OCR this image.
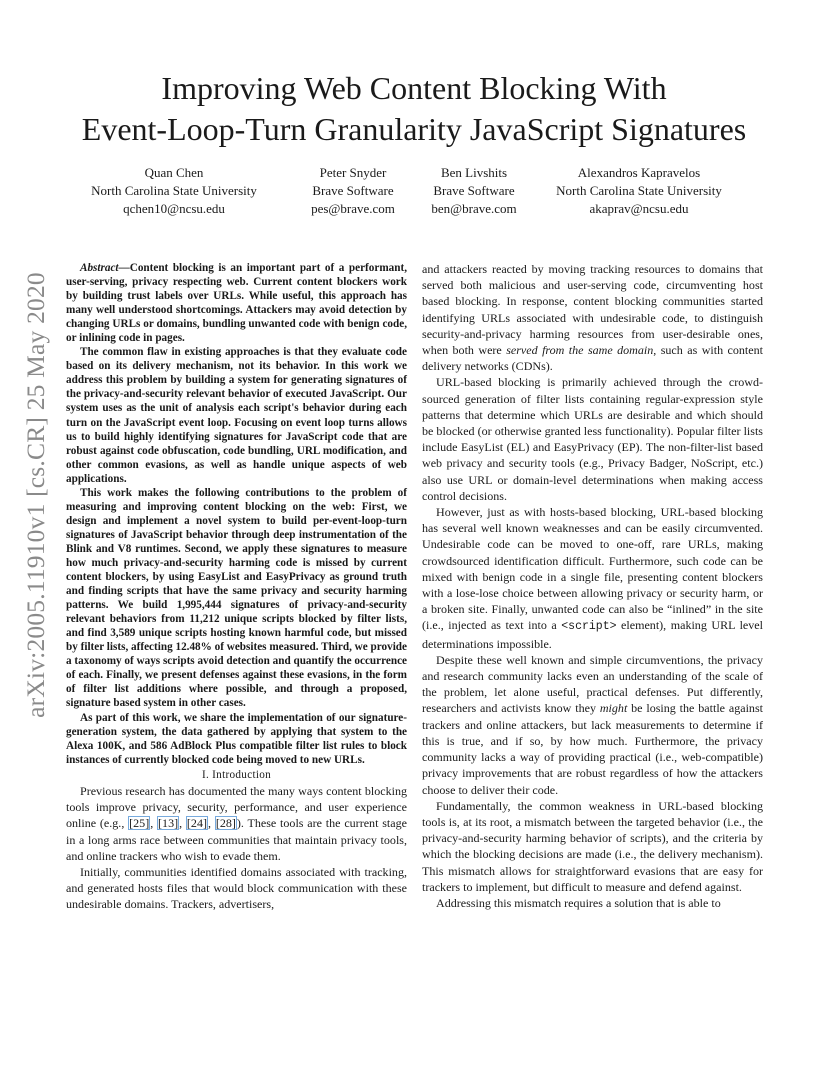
arXiv:2005.11910v1 [cs.CR] 25 May 2020
Improving Web Content Blocking With
Event-Loop-Turn Granularity JavaScript Signatures
Quan Chen
North Carolina State University
qchen10@ncsu.edu
Peter Snyder
Brave Software
pes@brave.com
Ben Livshits
Brave Software
ben@brave.com
Alexandros Kapravelos
North Carolina State University
akaprav@ncsu.edu

Abstract—Content blocking is an important part of a performant, user-serving, privacy respecting web. Current content blockers work by building trust labels over URLs. While useful, this approach has many well understood shortcomings. Attackers may avoid detection by changing URLs or domains, bundling unwanted code with benign code, or inlining code in pages.

The common flaw in existing approaches is that they evaluate code based on its delivery mechanism, not its behavior. In this work we address this problem by building a system for generating signatures of the privacy-and-security relevant behavior of executed JavaScript. Our system uses as the unit of analysis each script's behavior during each turn on the JavaScript event loop. Focusing on event loop turns allows us to build highly identifying signatures for JavaScript code that are robust against code obfuscation, code bundling, URL modification, and other common evasions, as well as handle unique aspects of web applications.

This work makes the following contributions to the problem of measuring and improving content blocking on the web: First, we design and implement a novel system to build per-event-loop-turn signatures of JavaScript behavior through deep instrumentation of the Blink and V8 runtimes. Second, we apply these signatures to measure how much privacy-and-security harming code is missed by current content blockers, by using EasyList and EasyPrivacy as ground truth and finding scripts that have the same privacy and security harming patterns. We build 1,995,444 signatures of privacy-and-security relevant behaviors from 11,212 unique scripts blocked by filter lists, and find 3,589 unique scripts hosting known harmful code, but missed by filter lists, affecting 12.48% of websites measured. Third, we provide a taxonomy of ways scripts avoid detection and quantify the occurrence of each. Finally, we present defenses against these evasions, in the form of filter list additions where possible, and through a proposed, signature based system in other cases.

As part of this work, we share the implementation of our signature-generation system, the data gathered by applying that system to the Alexa 100K, and 586 AdBlock Plus compatible filter list rules to block instances of currently blocked code being moved to new URLs.

I. Introduction

Previous research has documented the many ways content blocking tools improve privacy, security, performance, and user experience online (e.g., [25], [13], [24], [28]). These tools are the current stage in a long arms race between communities that maintain privacy tools, and online trackers who wish to evade them.

Initially, communities identified domains associated with tracking, and generated hosts files that would block communication with these undesirable domains. Trackers, advertisers,

and attackers reacted by moving tracking resources to domains that served both malicious and user-serving code, circumventing host based blocking. In response, content blocking communities started identifying URLs associated with undesirable code, to distinguish security-and-privacy harming resources from user-desirable ones, when both were served from the same domain, such as with content delivery networks (CDNs).

URL-based blocking is primarily achieved through the crowd-sourced generation of filter lists containing regular-expression style patterns that determine which URLs are desirable and which should be blocked (or otherwise granted less functionality). Popular filter lists include EasyList (EL) and EasyPrivacy (EP). The non-filter-list based web privacy and security tools (e.g., Privacy Badger, NoScript, etc.) also use URL or domain-level determinations when making access control decisions.

However, just as with hosts-based blocking, URL-based blocking has several well known weaknesses and can be easily circumvented. Undesirable code can be moved to one-off, rare URLs, making crowdsourced identification difficult. Furthermore, such code can be mixed with benign code in a single file, presenting content blockers with a lose-lose choice between allowing privacy or security harm, or a broken site. Finally, unwanted code can also be “inlined” in the site (i.e., injected as text into a <script> element), making URL level determinations impossible.

Despite these well known and simple circumventions, the privacy and research community lacks even an understanding of the scale of the problem, let alone useful, practical defenses. Put differently, researchers and activists know they might be losing the battle against trackers and online attackers, but lack measurements to determine if this is true, and if so, by how much. Furthermore, the privacy community lacks a way of providing practical (i.e., web-compatible) privacy improvements that are robust regardless of how the attackers choose to deliver their code.

Fundamentally, the common weakness in URL-based blocking tools is, at its root, a mismatch between the targeted behavior (i.e., the privacy-and-security harming behavior of scripts), and the criteria by which the blocking decisions are made (i.e., the delivery mechanism). This mismatch allows for straightforward evasions that are easy for trackers to implement, but difficult to measure and defend against.

Addressing this mismatch requires a solution that is able to
